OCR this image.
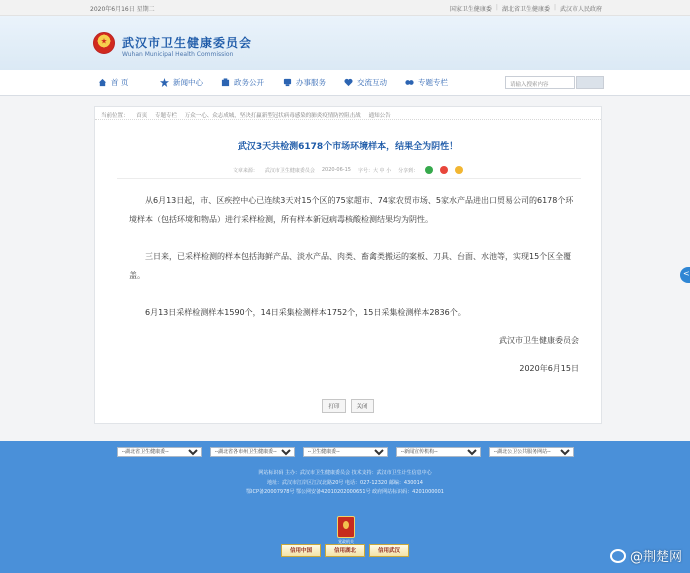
2020年6月16日 星期二	国家卫生健康委 | 湖北省卫生健康委 | 武汉市人民政府
武汉市卫生健康委员会
Wuhan Municipal Health Commission
首 页	新闻中心	政务公开	办事服务	交流互动	专题专栏	请输入搜索内容
当前位置： 首页 专题专栏 万众一心、众志成城，坚决打赢新型冠状病毒感染的肺炎疫情防控阻击战 通知公告
武汉3天共检测6178个市场环境样本，结果全为阴性！
文章来源： 武汉市卫生健康委员会 2020-06-15 字号：大 中 小 分享到：

从6月13日起，市、区疾控中心已连续3天对15个区的75家超市、74家农贸市场、5家水产品进出口贸易公司的6178个环境样本（包括环境和物品）进行采样检测，所有样本新冠病毒核酸检测结果均为阴性。

三日来，已采样检测的样本包括海鲜产品、淡水产品、肉类、畜禽类搬运的案板、刀具、台面、水池等，实现15个区全覆盖。

6月13日采样检测样本1590个，14日采集检测样本1752个，15日采集检测样本2836个。

武汉市卫生健康委员会
2020年6月15日
打印	关闭
<
--湖北省卫生健康委--
--湖北省各市州卫生健康委--
--卫生健康委--
--新闻宣传机构--
--湖北公卫公共服务网站--
网站标识码 主办：武汉市卫生健康委员会 技术支持：武汉市卫生计生信息中心
地址：武汉市江岸区江汉北路20号 电话：027-12320 邮编：430014
鄂ICP备20007978号 鄂公网安备42010202000651号 政府网站标识码：4201000001
党政机关
信用中国	信用湖北	信用武汉	@荆楚网
